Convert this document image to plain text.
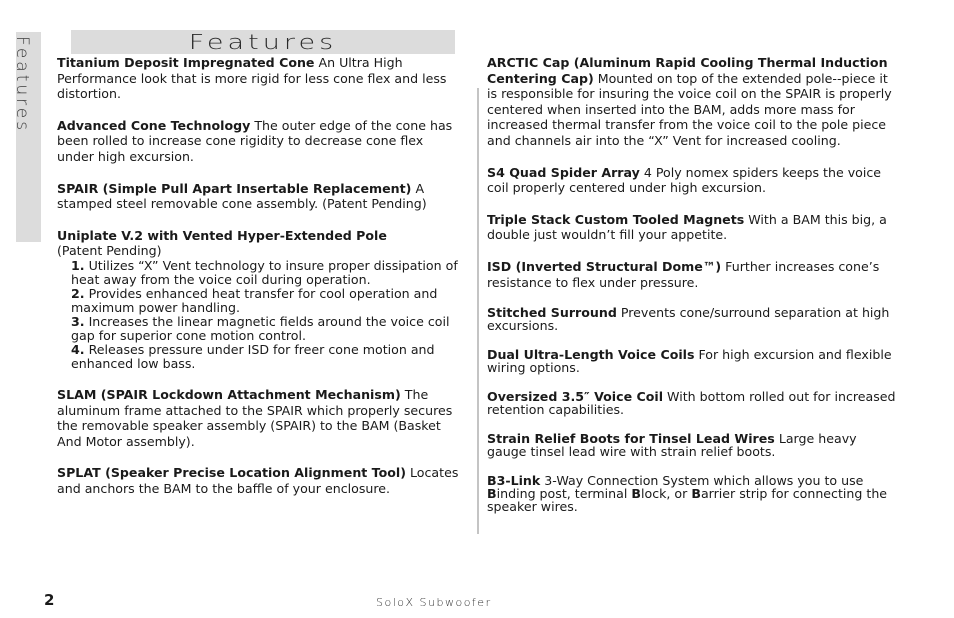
Features	Features

Titanium Deposit Impregnated Cone An Ultra High Performance look that is more rigid for less cone flex and less distortion.

Advanced Cone Technology The outer edge of the cone has been rolled to increase cone rigidity to decrease cone flex under high excursion.

SPAIR (Simple Pull Apart Insertable Replacement) A stamped steel removable cone assembly. (Patent Pending)

Uniplate V.2 with Vented Hyper-Extended Pole

(Patent Pending)

1. Utilizes “X” Vent technology to insure proper dissipation of heat away from the voice coil during operation.

2. Provides enhanced heat transfer for cool operation and maximum power handling.

3. Increases the linear magnetic fields around the voice coil gap for superior cone motion control.

4. Releases pressure under ISD for freer cone motion and enhanced low bass.

SLAM (SPAIR Lockdown Attachment Mechanism) The aluminum frame attached to the SPAIR which properly secures the removable speaker assembly (SPAIR) to the BAM (Basket And Motor assembly).

SPLAT (Speaker Precise Location Alignment Tool) Locates and anchors the BAM to the baffle of your enclosure.

ARCTIC Cap (Aluminum Rapid Cooling Thermal Induction Centering Cap) Mounted on top of the extended pole--piece it is responsible for insuring the voice coil on the SPAIR is properly centered when inserted into the BAM, adds more mass for increased thermal transfer from the voice coil to the pole piece and channels air into the “X” Vent for increased cooling.

S4 Quad Spider Array 4 Poly nomex spiders keeps the voice coil properly centered under high excursion.

Triple Stack Custom Tooled Magnets With a BAM this big, a double just wouldn’t fill your appetite.

ISD (Inverted Structural Dome™) Further increases cone’s resistance to flex under pressure.

Stitched Surround Prevents cone/surround separation at high excursions.

Dual Ultra-Length Voice Coils For high excursion and flexible wiring options.

Oversized 3.5″ Voice Coil With bottom rolled out for increased retention capabilities.

Strain Relief Boots for Tinsel Lead Wires Large heavy gauge tinsel lead wire with strain relief boots.

B3-Link 3-Way Connection System which allows you to use Binding post, terminal Block, or Barrier strip for connecting the speaker wires.

2	SoloX Subwoofer
